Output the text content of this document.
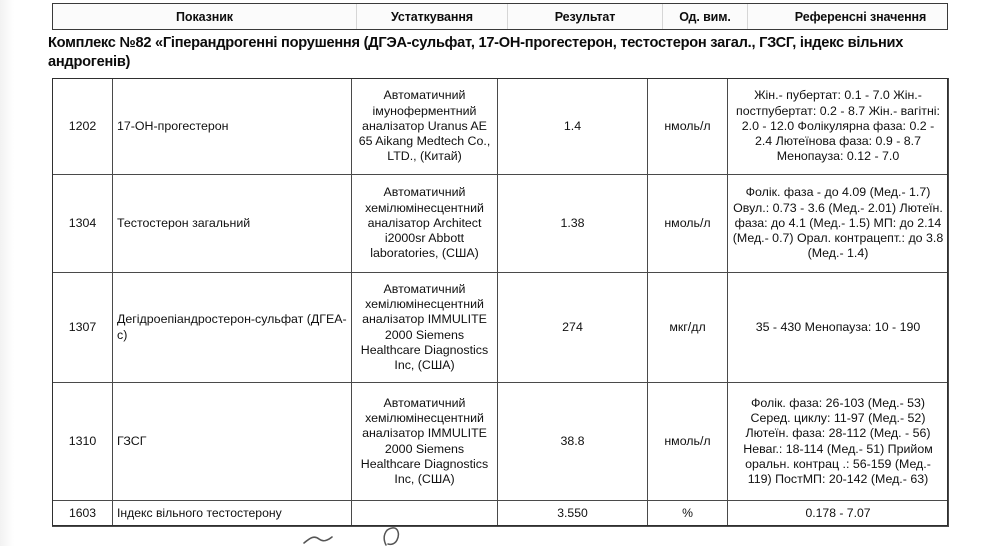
Показник	Устаткування	Результат	Од. вим.	Референсні значення
Комплекс №82 «Гіперандрогенні порушення (ДГЭА-сульфат, 17-ОН-прогестерон, тестостерон загал., ГЗСГ, індекс вільних андрогенів)
1202	17-ОН-прогестерон	Автоматичний імуноферментний аналізатор Uranus AE 65 Aikang Medtech Co., LTD., (Китай)	1.4	нмоль/л	Жін.- пубертат: 0.1 - 7.0 Жін.- постпубертат: 0.2 - 8.7 Жін.- вагітні: 2.0 - 12.0 Фолікулярна фаза: 0.2 - 2.4 Лютеїнова фаза: 0.9 - 8.7 Менопауза: 0.12 - 7.0
1304	Тестостерон загальний	Автоматичний хемілюмінесцентний аналізатор Architect i2000sr Abbott laboratories, (США)	1.38	нмоль/л	Фолік. фаза - до 4.09 (Мед.- 1.7) Овул.: 0.73 - 3.6 (Мед.- 2.01) Лютеїн. фаза: до 4.1 (Мед.- 1.5) МП: до 2.14 (Мед.- 0.7) Орал. контрацепт.: до 3.8 (Мед.- 1.4)
1307	Дегідроепіандростерон-сульфат (ДГЕА-с)	Автоматичний хемілюмінесцентний аналізатор IMMULITE 2000 Siemens Healthcare Diagnostics Inc, (США)	274	мкг/дл	35 - 430 Менопауза: 10 - 190
1310	ГЗСГ	Автоматичний хемілюмінесцентний аналізатор IMMULITE 2000 Siemens Healthcare Diagnostics Inc, (США)	38.8	нмоль/л	Фолік. фаза: 26-103 (Мед.- 53) Серед. циклу: 11-97 (Мед.- 52) Лютеїн. фаза: 28-112 (Мед. - 56) Неваг.: 18-114 (Мед.- 51) Прийом оральн. контрац .: 56-159 (Мед.- 119) ПостМП: 20-142 (Мед.- 63)
1603	Індекс вільного тестостерону		3.550	%	0.178 - 7.07
